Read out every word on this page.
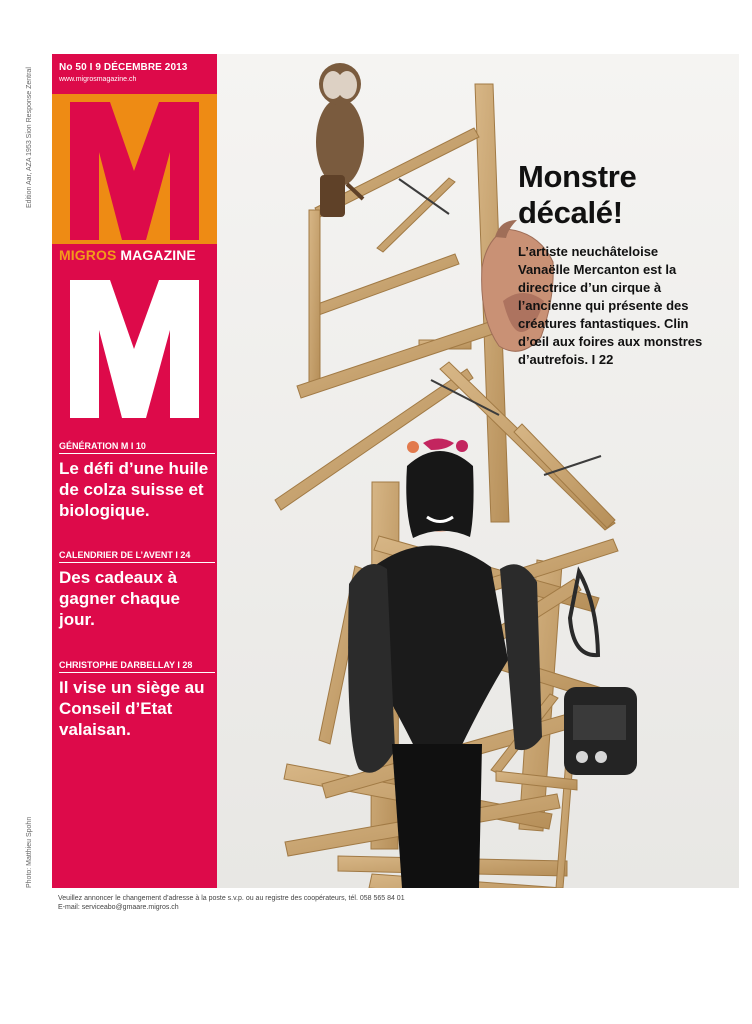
Edition Aar, AZA 1953 Sion Response Zentral
Photo: Matthieu Spohn
No 50 I 9 DÉCEMBRE 2013
www.migrosmagazine.ch
MIGROS MAGAZINE
GÉNÉRATION M I 10
Le défi d’une huile de colza suisse et biologique.
CALENDRIER DE L’AVENT I 24
Des cadeaux à gagner chaque jour.
CHRISTOPHE DARBELLAY I 28
Il vise un siège au Conseil d’Etat valaisan.
Monstre décalé!
L’artiste neuchâteloise Vanaëlle Mercanton est la directrice d’un cirque à l’ancienne qui présente des créatures fantastiques. Clin d’œil aux foires aux monstres d’autrefois. I 22
Veuillez annoncer le changement d’adresse à la poste s.v.p. ou au registre des coopérateurs, tél. 058 565 84 01
E-mail: serviceabo@gmaare.migros.ch
